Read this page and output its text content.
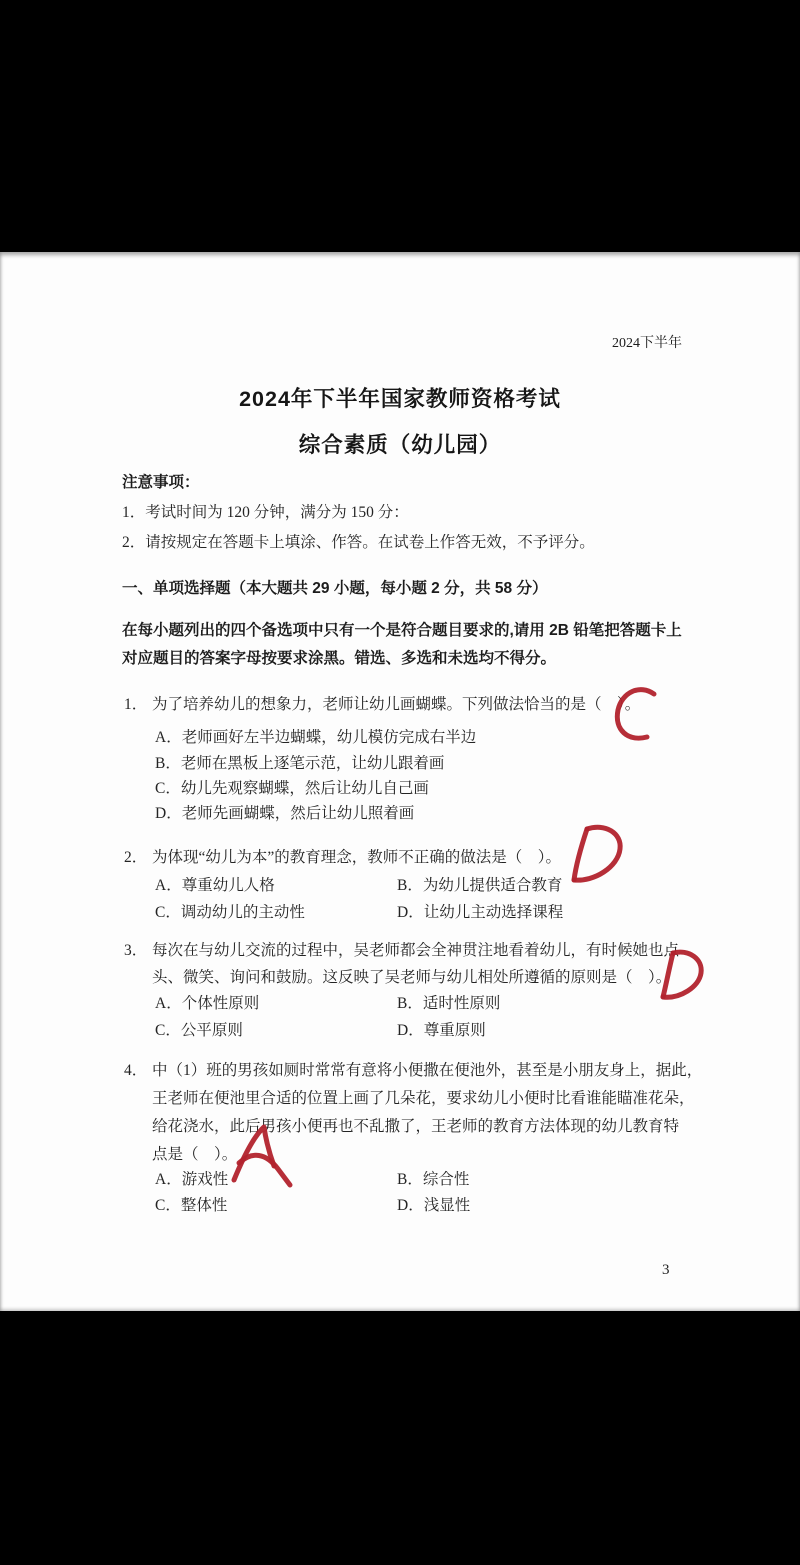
2024下半年
2024年下半年国家教师资格考试
综合素质（幼儿园）
注意事项：
1．考试时间为 120 分钟，满分为 150 分：
2．请按规定在答题卡上填涂、作答。在试卷上作答无效，不予评分。
一、单项选择题（本大题共 29 小题，每小题 2 分，共 58 分）
在每小题列出的四个备选项中只有一个是符合题目要求的,请用 2B 铅笔把答题卡上
对应题目的答案字母按要求涂黑。错选、多选和未选均不得分。
1． 为了培养幼儿的想象力，老师让幼儿画蝴蝶。下列做法恰当的是（　）。
A．老师画好左半边蝴蝶，幼儿模仿完成右半边
B．老师在黑板上逐笔示范，让幼儿跟着画
C．幼儿先观察蝴蝶，然后让幼儿自己画
D．老师先画蝴蝶，然后让幼儿照着画
2． 为体现“幼儿为本”的教育理念，教师不正确的做法是（　）。
A．尊重幼儿人格	B．为幼儿提供适合教育
C．调动幼儿的主动性	D．让幼儿主动选择课程
3． 每次在与幼儿交流的过程中，吴老师都会全神贯注地看着幼儿，有时候她也点
头、微笑、询问和鼓励。这反映了吴老师与幼儿相处所遵循的原则是（　）。
A．个体性原则	B．适时性原则
C．公平原则	D．尊重原则
4． 中（1）班的男孩如厕时常常有意将小便撒在便池外，甚至是小朋友身上，据此，
王老师在便池里合适的位置上画了几朵花，要求幼儿小便时比看谁能瞄准花朵，
给花浇水，此后男孩小便再也不乱撒了，王老师的教育方法体现的幼儿教育特
点是（　）。
A．游戏性	B．综合性
C．整体性	D．浅显性
3
